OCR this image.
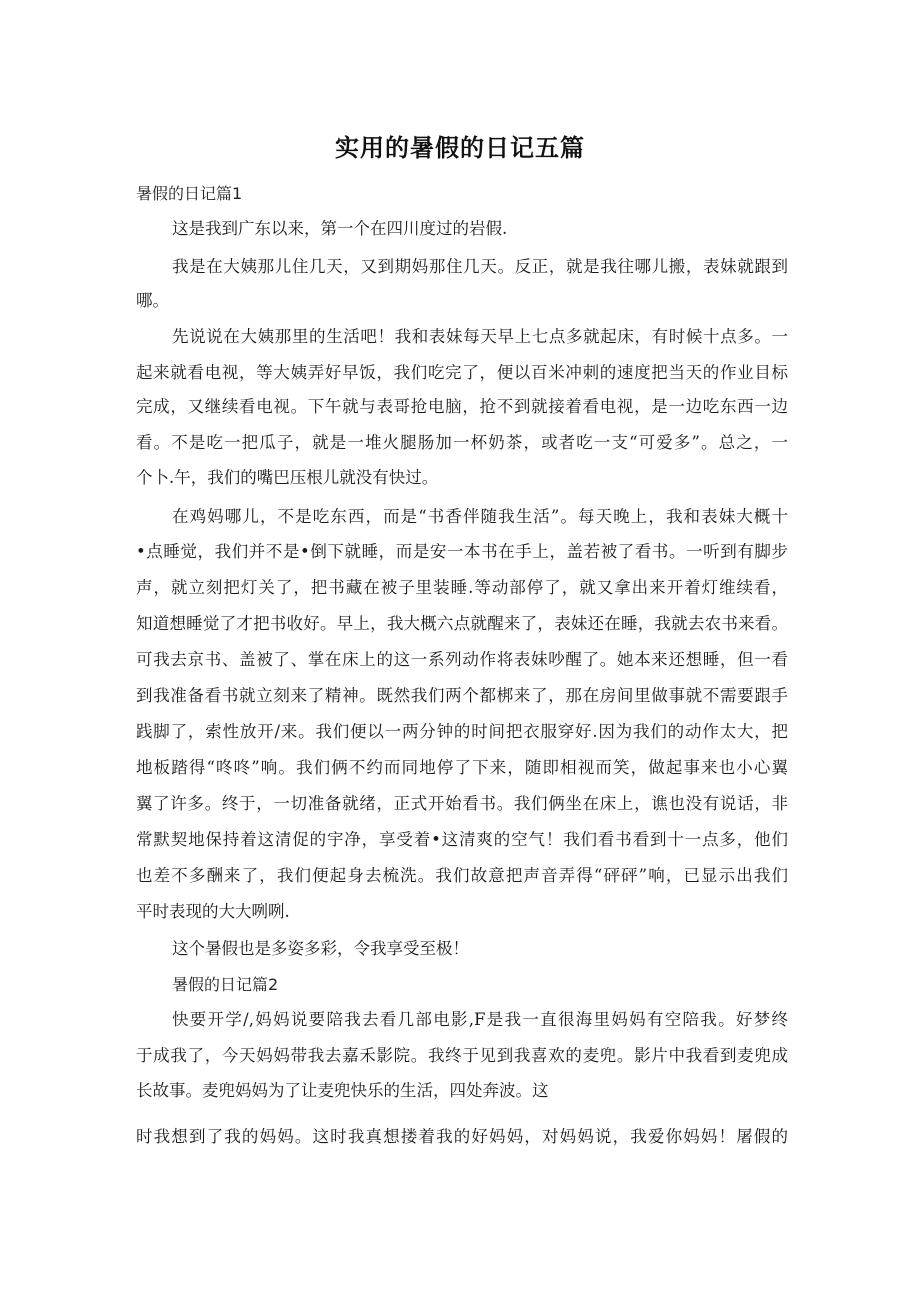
实用的暑假的日记五篇
暑假的日记篇1
这是我到广东以来，第一个在四川度过的岩假.
我是在大姨那儿住几天，又到期妈那住几天。反正，就是我往哪儿搬，表妹就跟到
哪。
先说说在大姨那里的生活吧！我和表妹每天早上七点多就起床，有时候十点多。一
起来就看电视，等大姨弄好早饭，我们吃完了，便以百米冲刺的速度把当天的作业目标
完成，又继续看电视。下午就与表哥抢电脑，抢不到就接着看电视，是一边吃东西一边
看。不是吃一把瓜子，就是一堆火腿肠加一杯奶茶，或者吃一支“可爱多”。总之，一
个卜.午，我们的嘴巴压根儿就没有快过。
在鸡妈哪儿，不是吃东西，而是“书香伴随我生活”。每天晚上，我和表妹大概十
•点睡觉，我们并不是•倒下就睡，而是安一本书在手上，盖若被了看书。一听到有脚步
声，就立刻把灯关了，把书藏在被子里装睡.等动部停了，就又拿出来开着灯维续看，
知道想睡觉了才把书收好。早上，我大概六点就醒来了，表妹还在睡，我就去农书来看。
可我去京书、盖被了、掌在床上的这一系列动作将表妹吵醒了。她本来还想睡，但一看
到我准备看书就立刻来了精神。既然我们两个都梆来了，那在房间里做事就不需要跟手
践脚了，索性放开/来。我们便以一两分钟的时间把衣服穿好.因为我们的动作太大，把
地板踏得“咚咚”响。我们俩不约而同地停了下来，随即相视而笑，做起事来也小心翼
翼了许多。终于，一切准备就绪，正式开始看书。我们俩坐在床上，谯也没有说话，非
常默契地保持着这清促的宇净，享受着•这清爽的空气！我们看书看到十一点多，他们
也差不多酬来了，我们便起身去梳洗。我们故意把声音弄得“砰砰”响，已显示出我们
平时表现的大大咧咧.
这个暑假也是多姿多彩，令我享受至极！
暑假的日记篇2
快要开学/,妈妈说要陪我去看几部电影,F是我一直很海里妈妈有空陪我。好梦终
于成我了，今天妈妈带我去嘉禾影院。我终于见到我喜欢的麦兜。影片中我看到麦兜成
长故事。麦兜妈妈为了让麦兜快乐的生活，四处奔波。这
时我想到了我的妈妈。这时我真想搂着我的好妈妈，对妈妈说，我爱你妈妈！屠假的
